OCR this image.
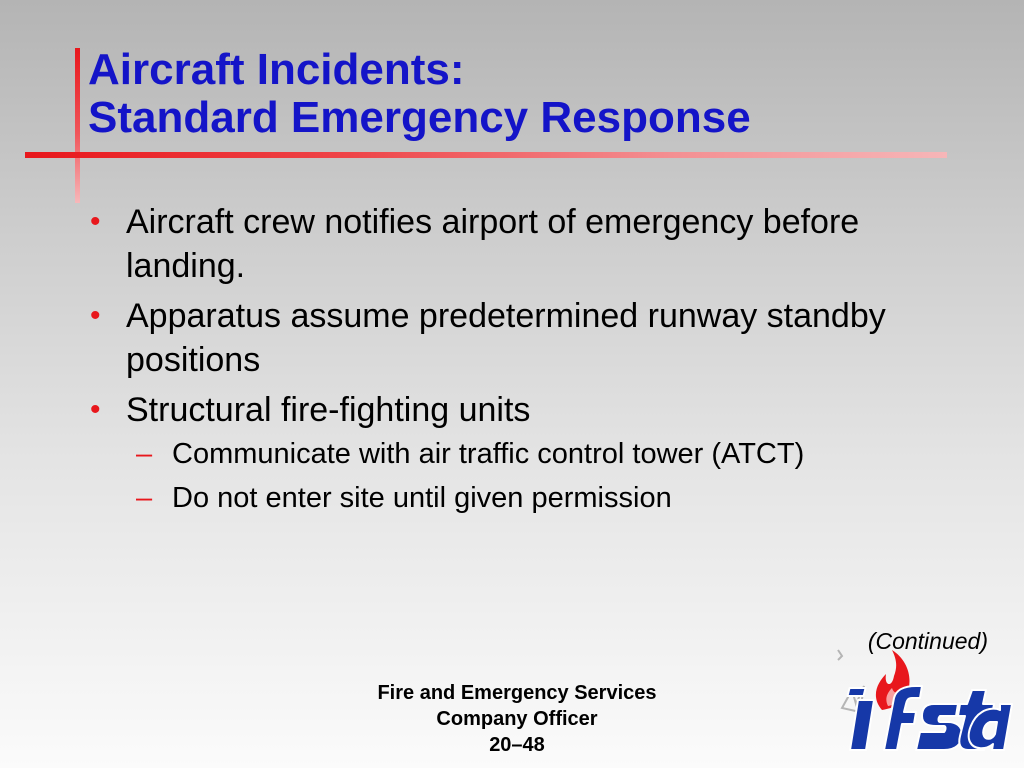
Aircraft Incidents:
Standard Emergency Response
• Aircraft crew notifies airport of emergency before landing.
• Apparatus assume predetermined runway standby positions
• Structural fire-fighting units
– Communicate with air traffic control tower (ATCT)
– Do not enter site until given permission
(Continued)
Fire and Emergency Services
Company Officer
20–48
